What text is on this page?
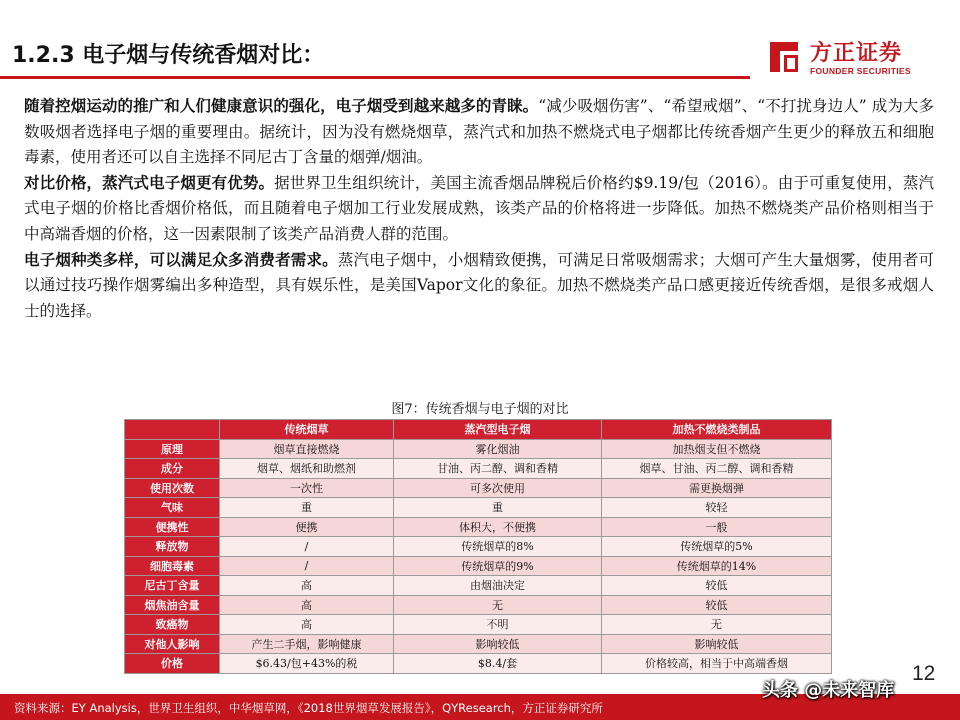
1.2.3 电子烟与传统香烟对比：	方正证券
FOUNDER SECURITIES
随着控烟运动的推广和人们健康意识的强化，电子烟受到越来越多的青睐。“减少吸烟伤害”、“希望戒烟”、“不打扰身边人” 成为大多数吸烟者选择电子烟的重要理由。据统计，因为没有燃烧烟草，蒸汽式和加热不燃烧式电子烟都比传统香烟产生更少的释放五和细胞毒素，使用者还可以自主选择不同尼古丁含量的烟弹/烟油。
对比价格，蒸汽式电子烟更有优势。据世界卫生组织统计，美国主流香烟品牌税后价格约$9.19/包（2016）。由于可重复使用，蒸汽式电子烟的价格比香烟价格低，而且随着电子烟加工行业发展成熟，该类产品的价格将进一步降低。加热不燃烧类产品价格则相当于中高端香烟的价格，这一因素限制了该类产品消费人群的范围。
电子烟种类多样，可以满足众多消费者需求。蒸汽电子烟中，小烟精致便携，可满足日常吸烟需求；大烟可产生大量烟雾，使用者可以通过技巧操作烟雾编出多种造型，具有娱乐性，是美国Vapor文化的象征。加热不燃烧类产品口感更接近传统香烟，是很多戒烟人士的选择。
图7：传统香烟与电子烟的对比
	传统烟草	蒸汽型电子烟	加热不燃烧类制品
原理	烟草直接燃烧	雾化烟油	加热烟支但不燃烧
成分	烟草、烟纸和助燃剂	甘油、丙二醇、调和香精	烟草、甘油、丙二醇、调和香精
使用次数	一次性	可多次使用	需更换烟弹
气味	重	重	较轻
便携性	便携	体积大，不便携	一般
释放物	/	传统烟草的8%	传统烟草的5%
细胞毒素	/	传统烟草的9%	传统烟草的14%
尼古丁含量	高	由烟油决定	较低
烟焦油含量	高	无	较低
致癌物	高	不明	无
对他人影响	产生二手烟，影响健康	影响较低	影响较低
价格	$6.43/包+43%的税	$8.4/套	价格较高，相当于中高端香烟	12
资料来源：EY Analysis，世界卫生组织，中华烟草网，《2018世界烟草发展报告》，QYResearch，方正证券研究所
头条 @未来智库
